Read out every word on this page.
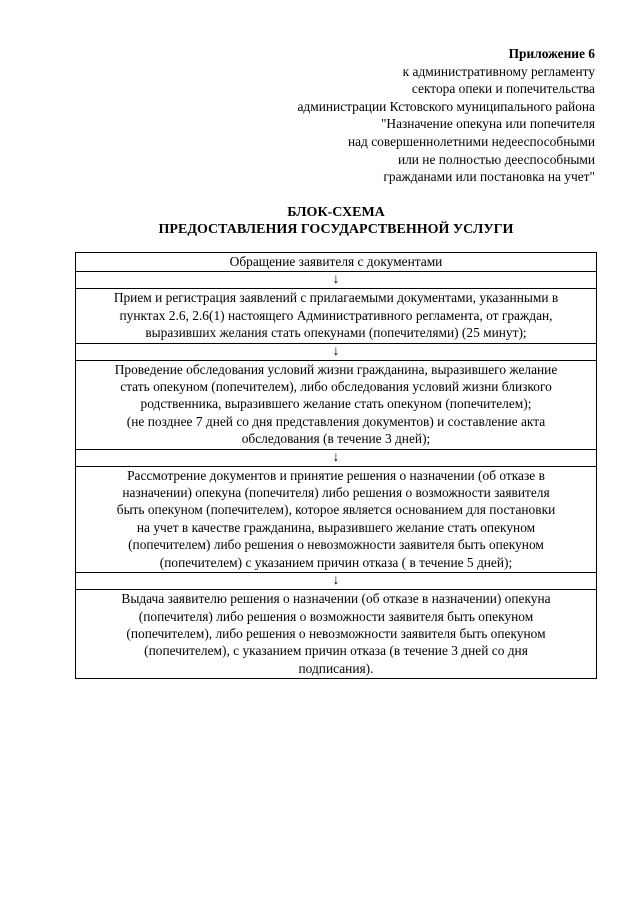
Приложение 6
к административному регламенту
сектора опеки и попечительства
администрации Кстовского муниципального района
"Назначение опекуна или попечителя
над совершеннолетними недееспособными
или не полностью дееспособными
гражданами или постановка на учет"
БЛОК-СХЕМА
ПРЕДОСТАВЛЕНИЯ ГОСУДАРСТВЕННОЙ УСЛУГИ
Обращение заявителя с документами

↓

Прием и регистрация заявлений с прилагаемыми документами, указанными в
пунктах 2.6, 2.6(1) настоящего Административного регламента, от граждан,
выразивших желания стать опекунами (попечителями) (25 минут);

↓

Проведение обследования условий жизни гражданина, выразившего желание
стать опекуном (попечителем), либо обследования условий жизни близкого
родственника, выразившего желание стать опекуном (попечителем);
(не позднее 7 дней со дня представления документов) и составление акта
обследования (в течение 3 дней);

↓

Рассмотрение документов и принятие решения о назначении (об отказе в
назначении) опекуна (попечителя) либо решения о возможности заявителя
быть опекуном (попечителем), которое является основанием для постановки
на учет в качестве гражданина, выразившего желание стать опекуном
(попечителем) либо решения о невозможности заявителя быть опекуном
(попечителем) с указанием причин отказа ( в течение 5 дней);

↓

Выдача заявителю решения о назначении (об отказе в назначении) опекуна
(попечителя) либо решения о возможности заявителя быть опекуном
(попечителем), либо решения о невозможности заявителя быть опекуном
(попечителем), с указанием причин отказа (в течение 3 дней со дня
подписания).
